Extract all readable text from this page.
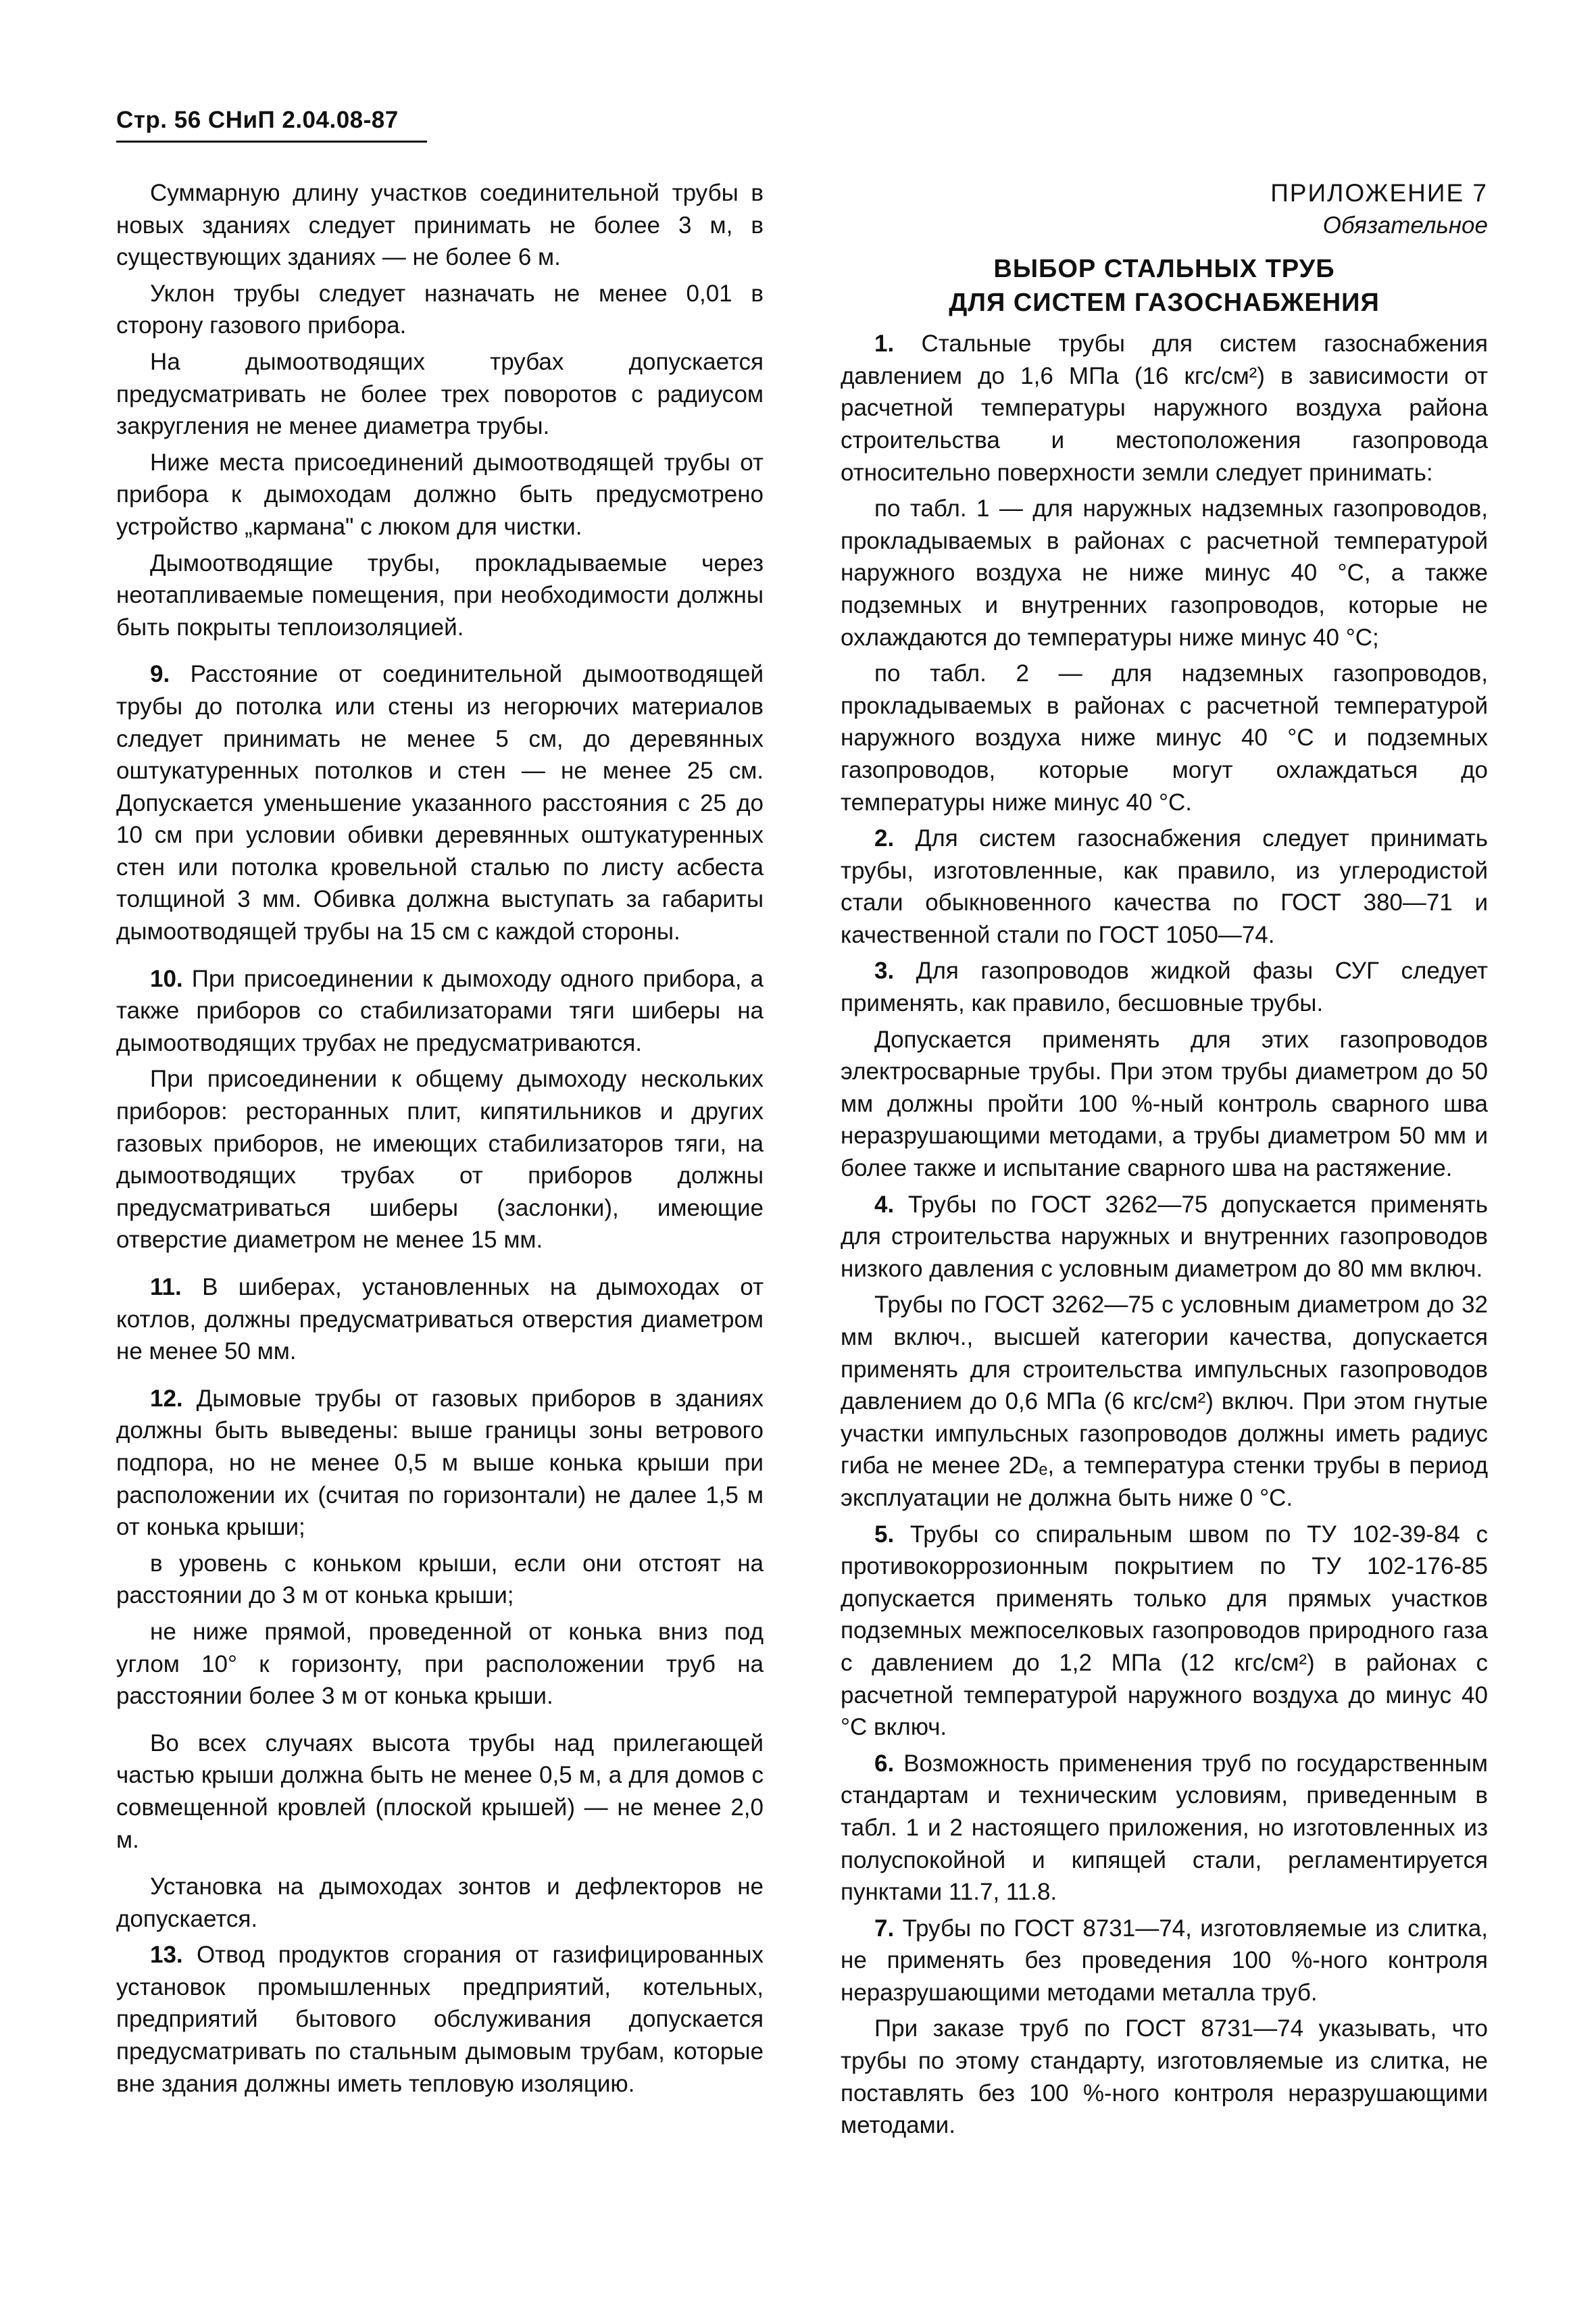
Стр. 56 СНиП 2.04.08-87

Суммарную длину участков соединительной трубы в новых зданиях следует принимать не более 3 м, в существующих зданиях — не более 6 м.

Уклон трубы следует назначать не менее 0,01 в сторону газового прибора.

На дымоотводящих трубах допускается предусматривать не более трех поворотов с радиусом закругления не менее диаметра трубы.

Ниже места присоединений дымоотводящей трубы от прибора к дымоходам должно быть предусмотрено устройство „кармана" с люком для чистки.

Дымоотводящие трубы, прокладываемые через неотапливаемые помещения, при необходимости должны быть покрыты теплоизоляцией.

9. Расстояние от соединительной дымоотводящей трубы до потолка или стены из негорючих материалов следует принимать не менее 5 см, до деревянных оштукатуренных потолков и стен — не менее 25 см. Допускается уменьшение указанного расстояния с 25 до 10 см при условии обивки деревянных оштукатуренных стен или потолка кровельной сталью по листу асбеста толщиной 3 мм. Обивка должна выступать за габариты дымоотводящей трубы на 15 см с каждой стороны.

10. При присоединении к дымоходу одного прибора, а также приборов со стабилизаторами тяги шиберы на дымоотводящих трубах не предусматриваются.

При присоединении к общему дымоходу нескольких приборов: ресторанных плит, кипятильников и других газовых приборов, не имеющих стабилизаторов тяги, на дымоотводящих трубах от приборов должны предусматриваться шиберы (заслонки), имеющие отверстие диаметром не менее 15 мм.

11. В шиберах, установленных на дымоходах от котлов, должны предусматриваться отверстия диаметром не менее 50 мм.

12. Дымовые трубы от газовых приборов в зданиях должны быть выведены: выше границы зоны ветрового подпора, но не менее 0,5 м выше конька крыши при расположении их (считая по горизонтали) не далее 1,5 м от конька крыши;

в уровень с коньком крыши, если они отстоят на расстоянии до 3 м от конька крыши;

не ниже прямой, проведенной от конька вниз под углом 10° к горизонту, при расположении труб на расстоянии более 3 м от конька крыши.

Во всех случаях высота трубы над прилегающей частью крыши должна быть не менее 0,5 м, а для домов с совмещенной кровлей (плоской крышей) — не менее 2,0 м.

Установка на дымоходах зонтов и дефлекторов не допускается.

13. Отвод продуктов сгорания от газифицированных установок промышленных предприятий, котельных, предприятий бытового обслуживания допускается предусматривать по стальным дымовым трубам, которые вне здания должны иметь тепловую изоляцию.

ПРИЛОЖЕНИЕ 7

Обязательное

ВЫБОР СТАЛЬНЫХ ТРУБ
ДЛЯ СИСТЕМ ГАЗОСНАБЖЕНИЯ

1. Стальные трубы для систем газоснабжения давлением до 1,6 МПа (16 кгс/см²) в зависимости от расчетной температуры наружного воздуха района строительства и местоположения газопровода относительно поверхности земли следует принимать:

по табл. 1 — для наружных надземных газопроводов, прокладываемых в районах с расчетной температурой наружного воздуха не ниже минус 40 °С, а также подземных и внутренних газопроводов, которые не охлаждаются до температуры ниже минус 40 °С;

по табл. 2 — для надземных газопроводов, прокладываемых в районах с расчетной температурой наружного воздуха ниже минус 40 °С и подземных газопроводов, которые могут охлаждаться до температуры ниже минус 40 °С.

2. Для систем газоснабжения следует принимать трубы, изготовленные, как правило, из углеродистой стали обыкновенного качества по ГОСТ 380—71 и качественной стали по ГОСТ 1050—74.

3. Для газопроводов жидкой фазы СУГ следует применять, как правило, бесшовные трубы.

Допускается применять для этих газопроводов электросварные трубы. При этом трубы диаметром до 50 мм должны пройти 100 %-ный контроль сварного шва неразрушающими методами, а трубы диаметром 50 мм и более также и испытание сварного шва на растяжение.

4. Трубы по ГОСТ 3262—75 допускается применять для строительства наружных и внутренних газопроводов низкого давления с условным диаметром до 80 мм включ.

Трубы по ГОСТ 3262—75 с условным диаметром до 32 мм включ., высшей категории качества, допускается применять для строительства импульсных газопроводов давлением до 0,6 МПа (6 кгс/см²) включ. При этом гнутые участки импульсных газопроводов должны иметь радиус гиба не менее 2Dₑ, а температура стенки трубы в период эксплуатации не должна быть ниже 0 °С.

5. Трубы со спиральным швом по ТУ 102-39-84 с противокоррозионным покрытием по ТУ 102-176-85 допускается применять только для прямых участков подземных межпоселковых газопроводов природного газа с давлением до 1,2 МПа (12 кгс/см²) в районах с расчетной температурой наружного воздуха до минус 40 °С включ.

6. Возможность применения труб по государственным стандартам и техническим условиям, приведенным в табл. 1 и 2 настоящего приложения, но изготовленных из полуспокойной и кипящей стали, регламентируется пунктами 11.7, 11.8.

7. Трубы по ГОСТ 8731—74, изготовляемые из слитка, не применять без проведения 100 %-ного контроля неразрушающими методами металла труб.

При заказе труб по ГОСТ 8731—74 указывать, что трубы по этому стандарту, изготовляемые из слитка, не поставлять без 100 %-ного контроля неразрушающими методами.
